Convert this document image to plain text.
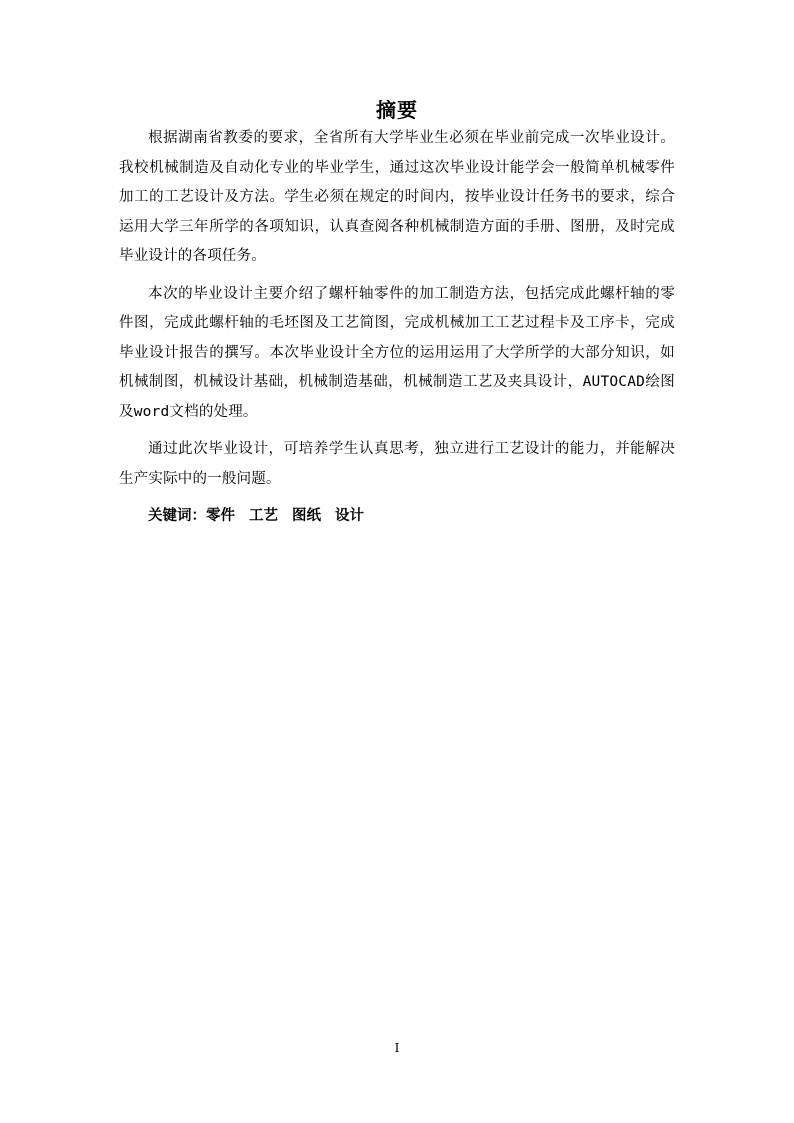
摘要

根据湖南省教委的要求，全省所有大学毕业生必须在毕业前完成一次毕业设计。我校机械制造及自动化专业的毕业学生，通过这次毕业设计能学会一般简单机械零件加工的工艺设计及方法。学生必须在规定的时间内，按毕业设计任务书的要求，综合运用大学三年所学的各项知识，认真查阅各种机械制造方面的手册、图册，及时完成毕业设计的各项任务。

本次的毕业设计主要介绍了螺杆轴零件的加工制造方法，包括完成此螺杆轴的零件图，完成此螺杆轴的毛坯图及工艺简图，完成机械加工工艺过程卡及工序卡，完成毕业设计报告的撰写。本次毕业设计全方位的运用运用了大学所学的大部分知识，如机械制图，机械设计基础，机械制造基础，机械制造工艺及夹具设计，AUTOCAD绘图及word文档的处理。

通过此次毕业设计，可培养学生认真思考，独立进行工艺设计的能力，并能解决生产实际中的一般问题。

关键词：零件 工艺 图纸 设计

I
